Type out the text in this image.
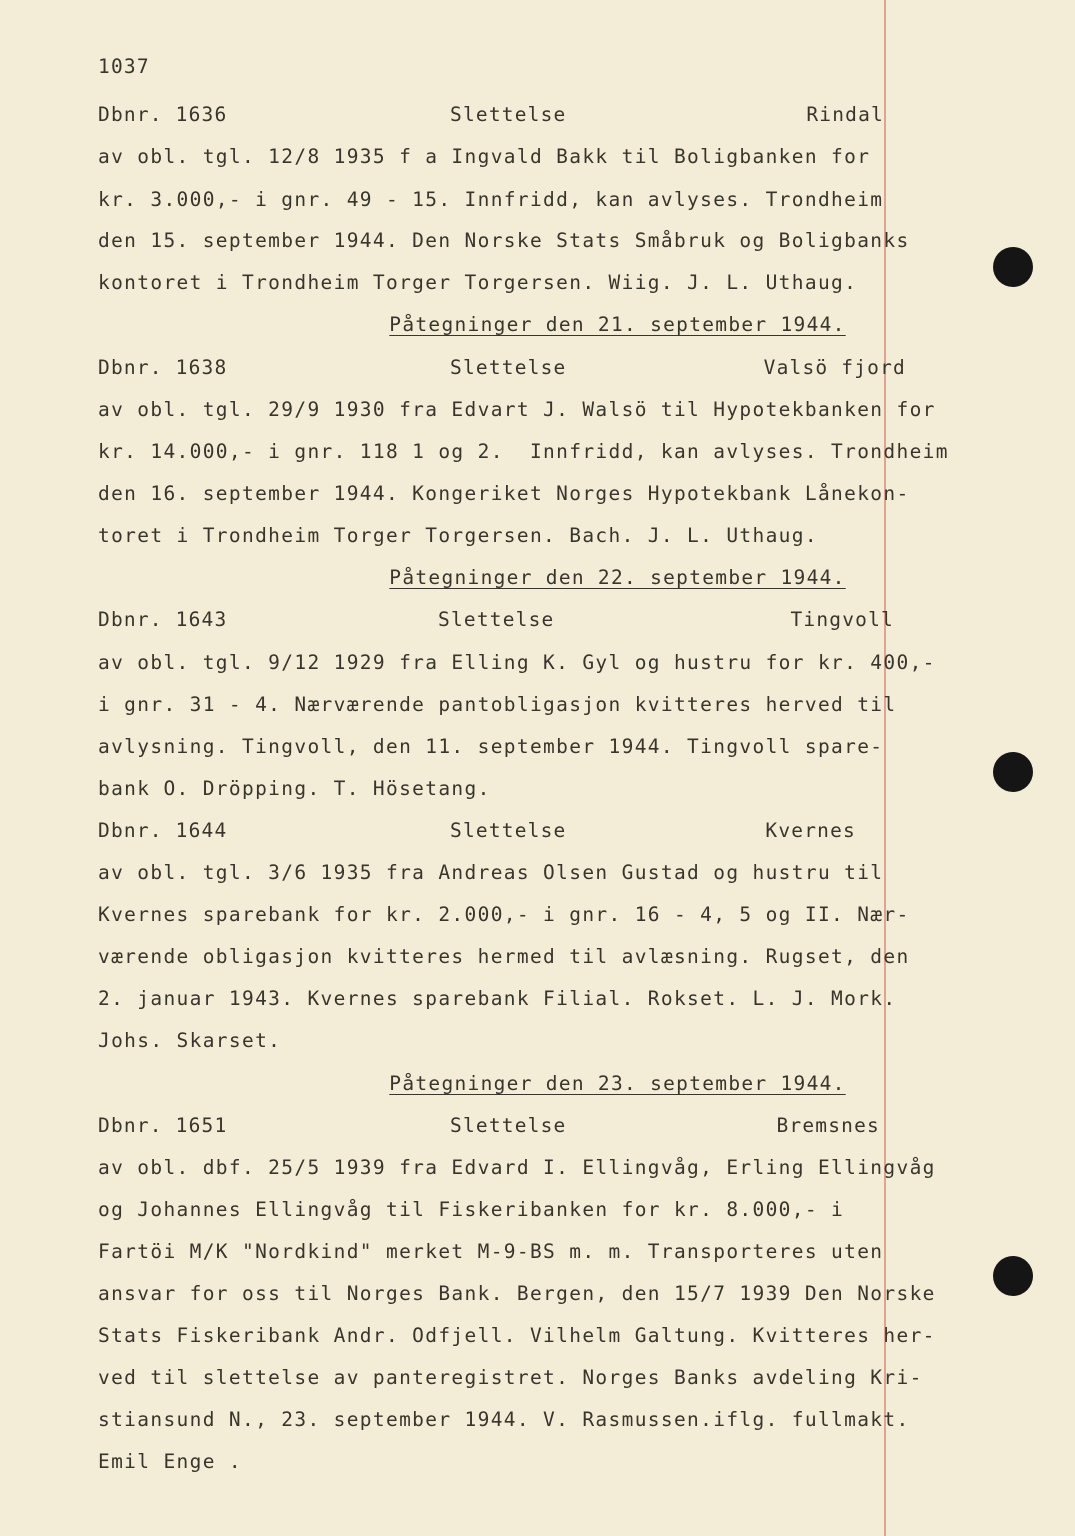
1037
Dbnr. 1636	Slettelse	Rindal
av obl. tgl. 12/8 1935 f a Ingvald Bakk til Boligbanken for
kr. 3.000,- i gnr. 49 - 15. Innfridd, kan avlyses. Trondheim
den 15. september 1944. Den Norske Stats Småbruk og Boligbanks
kontoret i Trondheim Torger Torgersen. Wiig. J. L. Uthaug.
Påtegninger den 21. september 1944.
Dbnr. 1638	Slettelse	Valsö fjord
av obl. tgl. 29/9 1930 fra Edvart J. Walsö til Hypotekbanken for
kr. 14.000,- i gnr. 118 1 og 2.  Innfridd, kan avlyses. Trondheim
den 16. september 1944. Kongeriket Norges Hypotekbank Lånekon-
toret i Trondheim Torger Torgersen. Bach. J. L. Uthaug.
Påtegninger den 22. september 1944.
Dbnr. 1643	Slettelse	Tingvoll
av obl. tgl. 9/12 1929 fra Elling K. Gyl og hustru for kr. 400,-
i gnr. 31 - 4. Nærværende pantobligasjon kvitteres herved til
avlysning. Tingvoll, den 11. september 1944. Tingvoll spare-
bank O. Dröpping. T. Hösetang.
Dbnr. 1644	Slettelse	Kvernes
av obl. tgl. 3/6 1935 fra Andreas Olsen Gustad og hustru til
Kvernes sparebank for kr. 2.000,- i gnr. 16 - 4, 5 og II. Nær-
værende obligasjon kvitteres hermed til avlæsning. Rugset, den
2. januar 1943. Kvernes sparebank Filial. Rokset. L. J. Mork.
Johs. Skarset.
Påtegninger den 23. september 1944.
Dbnr. 1651	Slettelse	Bremsnes
av obl. dbf. 25/5 1939 fra Edvard I. Ellingvåg, Erling Ellingvåg
og Johannes Ellingvåg til Fiskeribanken for kr. 8.000,- i
Fartöi M/K "Nordkind" merket M-9-BS m. m. Transporteres uten
ansvar for oss til Norges Bank. Bergen, den 15/7 1939 Den Norske
Stats Fiskeribank Andr. Odfjell. Vilhelm Galtung. Kvitteres her-
ved til slettelse av panteregistret. Norges Banks avdeling Kri-
stiansund N., 23. september 1944. V. Rasmussen.iflg. fullmakt.
Emil Enge .
